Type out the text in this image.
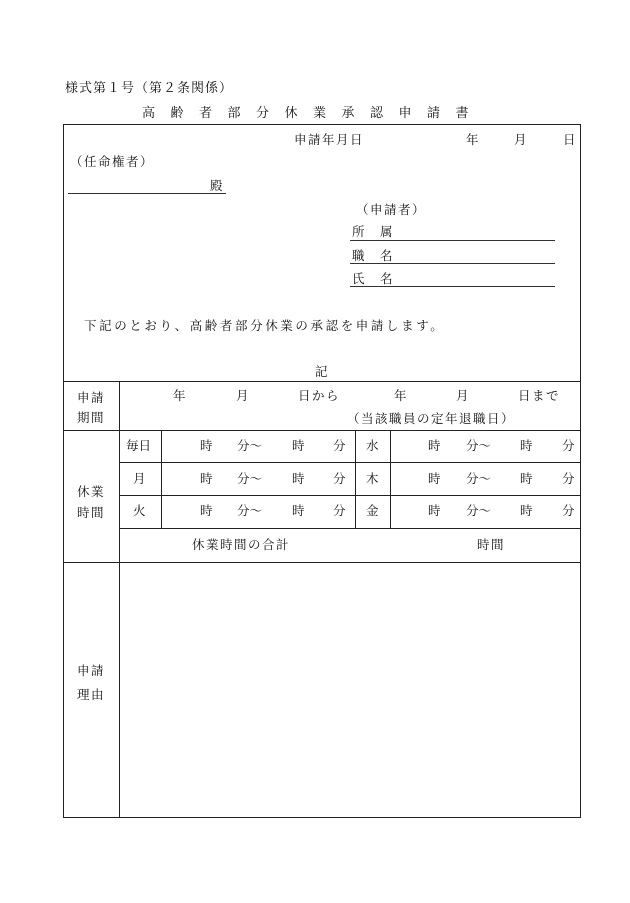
様式第１号（第２条関係）
高齢者部分休業承認申請書
申請年月日	年	月	日
（任命権者）
殿
（申請者）
所 属
職 名
氏 名
下記のとおり、高齢者部分休業の承認を申請します。
記
申請
期間
年	月	日から	年	月	日まで
（当該職員の定年退職日）
休業
時間
毎日	時 分～ 時 分 水	時 分～ 時 分
月	時 分～ 時 分 木	時 分～ 時 分
火	時 分～ 時 分 金	時 分～ 時 分
休業時間の合計	時間
申請
理由
